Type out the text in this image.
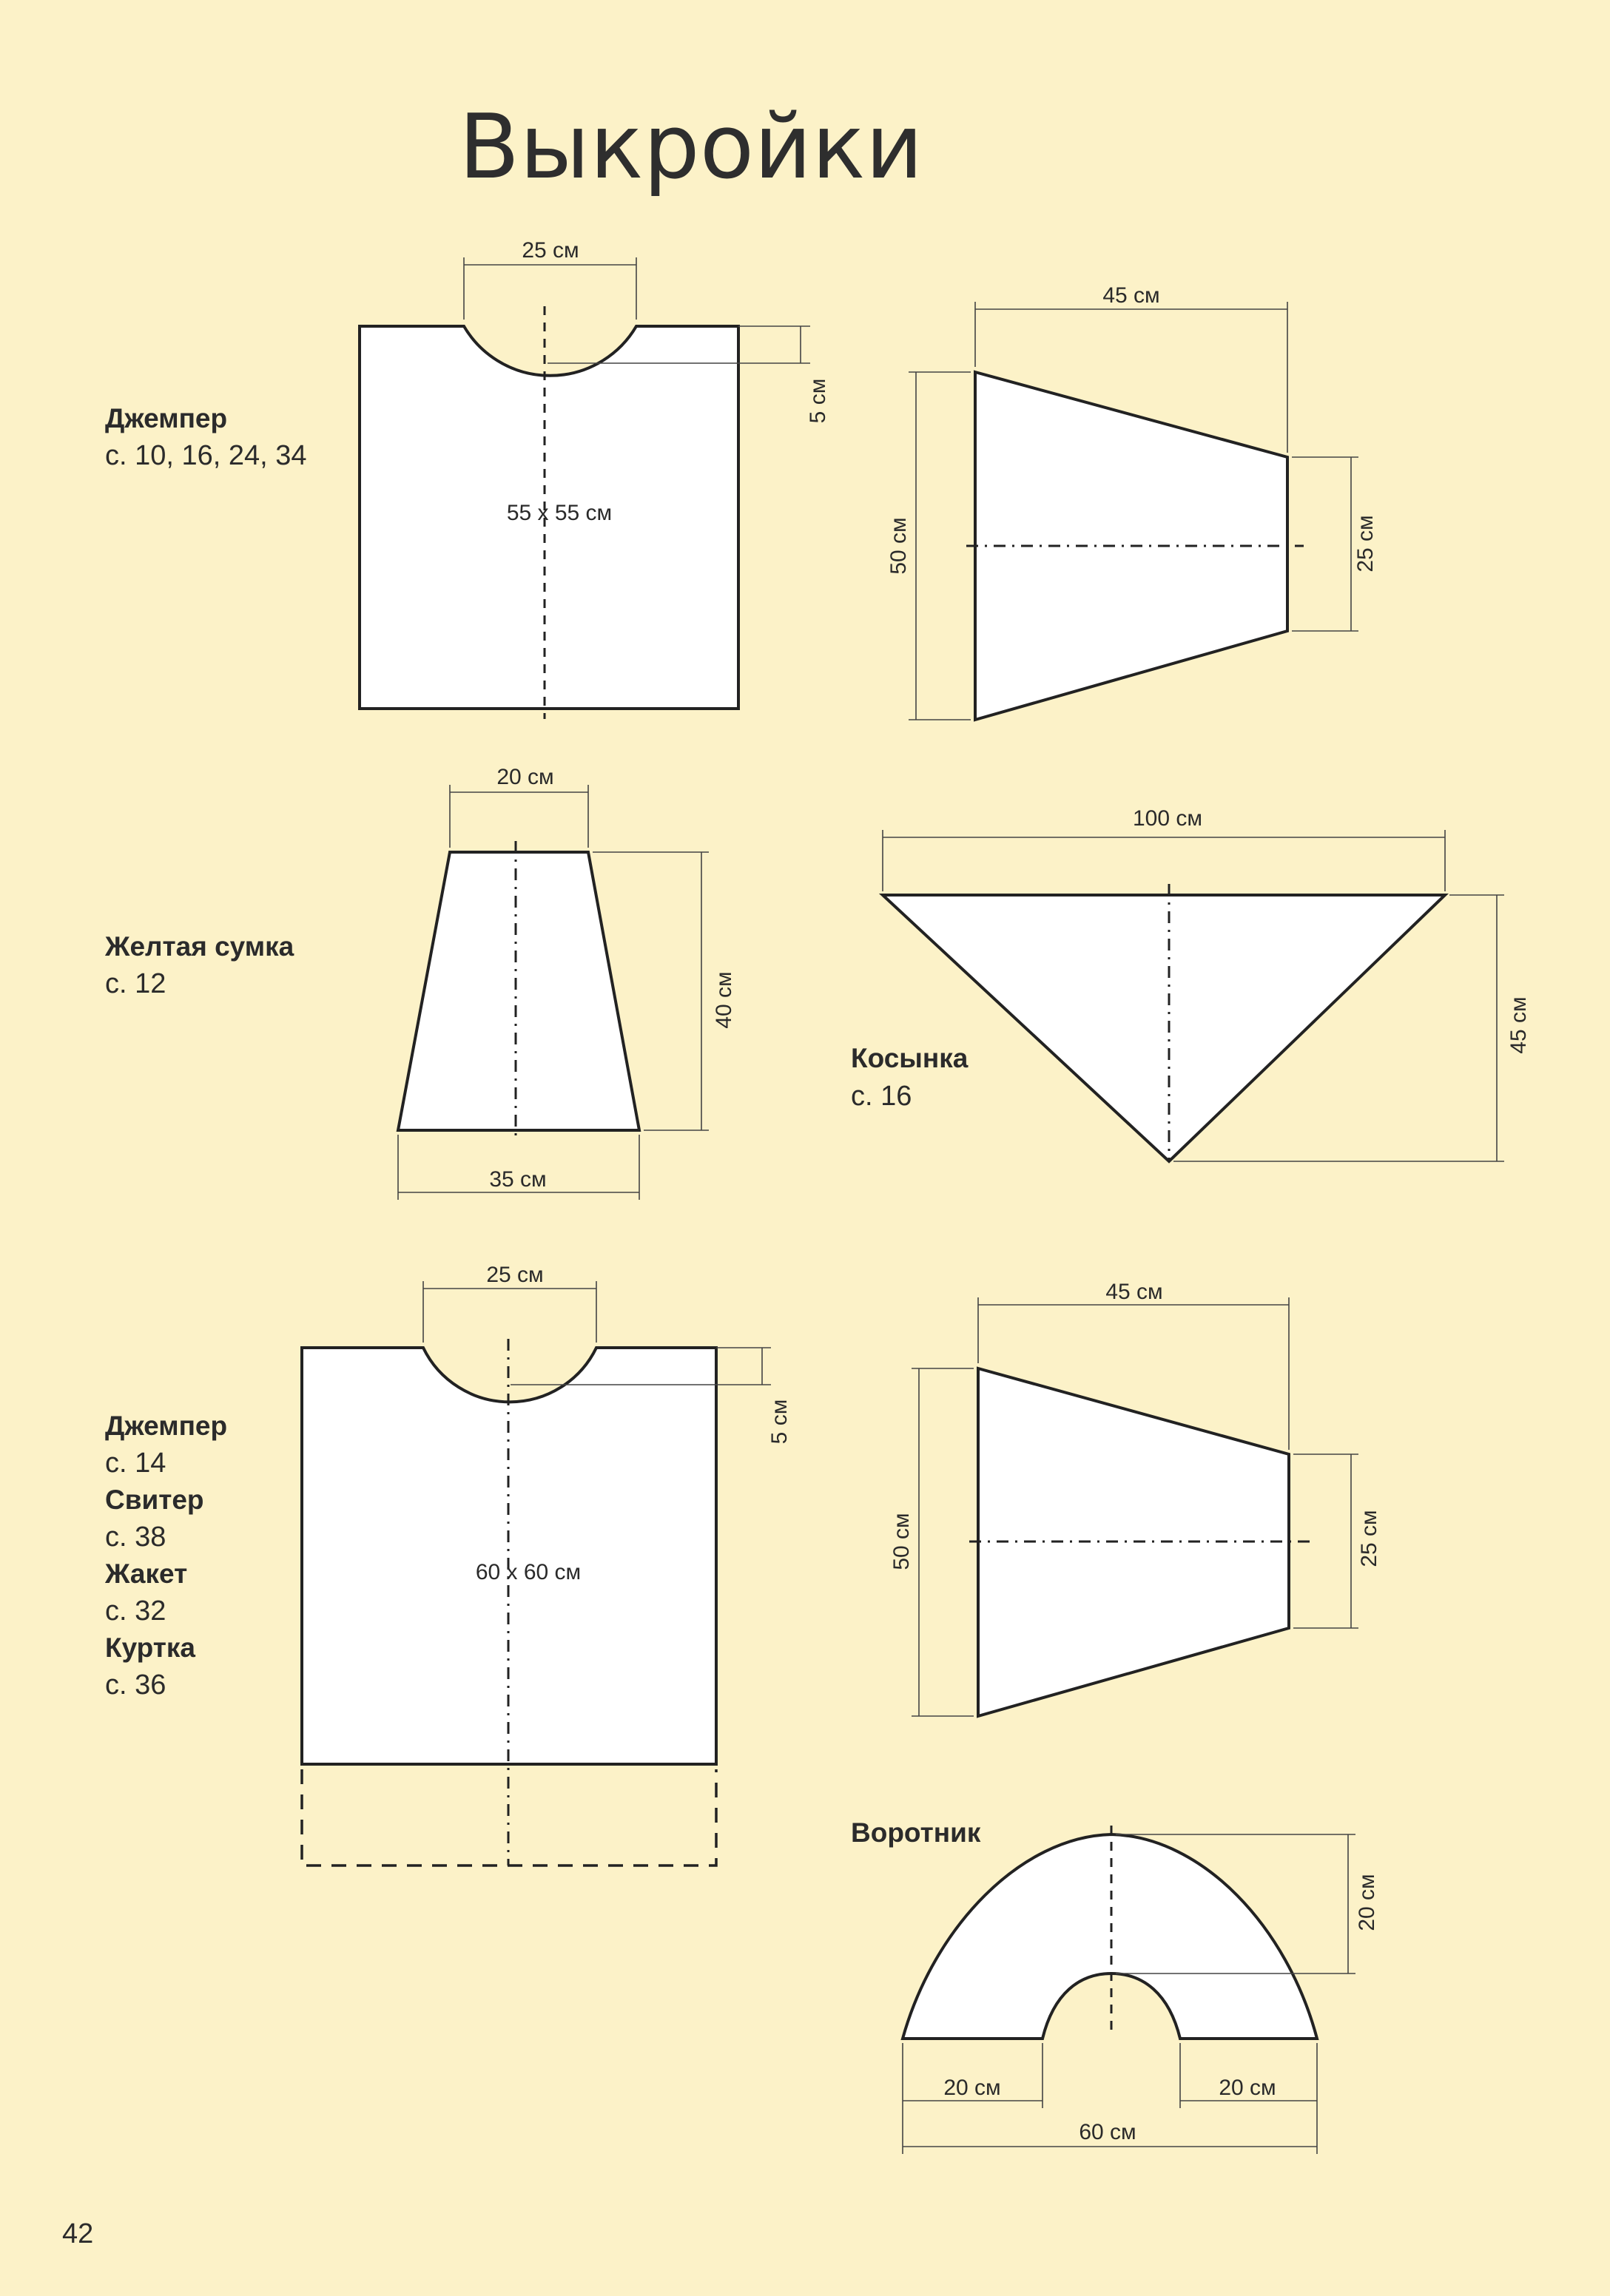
Выкройки
25 см
5 см
55 x 55 см
Джемпер
с. 10, 16, 24, 34
45 см
50 см	25 см
20 см
35 см
40 см
Желтая сумка
с. 12
100 см
45 см
Косынка
с. 16
25 см
5 см
60 x 60 см
Джемпер
с. 14
Свитер
с. 38
Жакет
с. 32
Куртка
с. 36
45 см
50 см	25 см
Воротник
20 см
20 см	20 см
60 см
42
